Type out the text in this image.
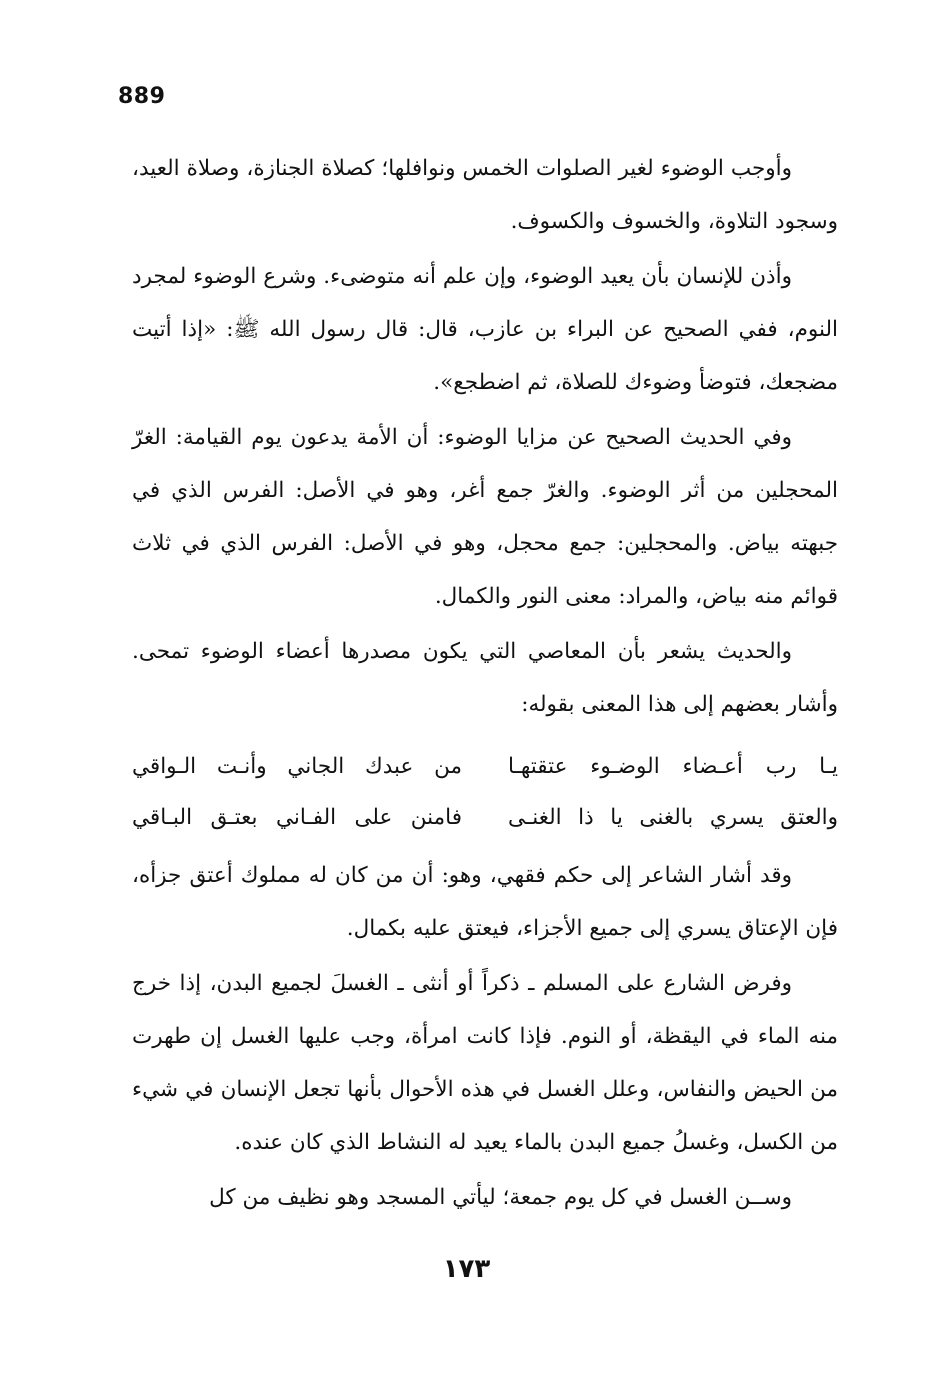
889

وأوجب الوضوء لغير الصلوات الخمس ونوافلها؛ كصلاة الجنازة، وصلاة العيد، وسجود التلاوة، والخسوف والكسوف.

وأذن للإنسان بأن يعيد الوضوء، وإن علم أنه متوضىء. وشرع الوضوء لمجرد النوم، ففي الصحيح عن البراء بن عازب، قال: قال رسول الله ﷺ: «إذا أتيت مضجعك، فتوضأ وضوءك للصلاة، ثم اضطجع».

وفي الحديث الصحيح عن مزايا الوضوء: أن الأمة يدعون يوم القيامة: الغرّ المحجلين من أثر الوضوء. والغرّ جمع أغر، وهو في الأصل: الفرس الذي في جبهته بياض. والمحجلين: جمع محجل، وهو في الأصل: الفرس الذي في ثلاث قوائم منه بياض، والمراد: معنى النور والكمال.

والحديث يشعر بأن المعاصي التي يكون مصدرها أعضاء الوضوء تمحى. وأشار بعضهم إلى هذا المعنى بقوله:

يـا رب أعـضاء الوضـوء عتقتهـا
من عبدك الجاني وأنـت الـواقي
والعتق يسري بالغنى يا ذا الغنـى
فامنن على الفـاني بعتـق البـاقي

وقد أشار الشاعر إلى حكم فقهي، وهو: أن من كان له مملوك أعتق جزأه، فإن الإعتاق يسري إلى جميع الأجزاء، فيعتق عليه بكمال.

وفرض الشارع على المسلم ـ ذكراً أو أنثى ـ الغسلَ لجميع البدن، إذا خرج منه الماء في اليقظة، أو النوم. فإذا كانت امرأة، وجب عليها الغسل إن طهرت من الحيض والنفاس، وعلل الغسل في هذه الأحوال بأنها تجعل الإنسان في شيء من الكسل، وغسلُ جميع البدن بالماء يعيد له النشاط الذي كان عنده.

وســن الغسل في كل يوم جمعة؛ ليأتي المسجد وهو نظيف من كل

١٧٣
